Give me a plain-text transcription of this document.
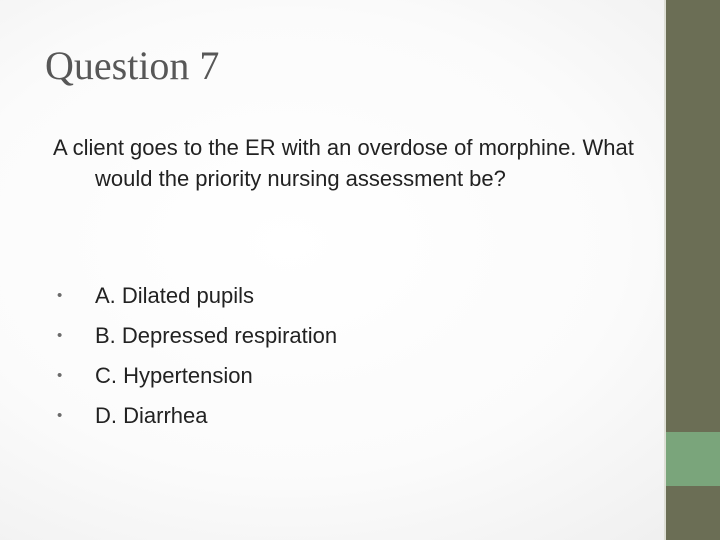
Question 7

A client goes to the ER with an overdose of morphine. What would the priority nursing assessment be?

• A. Dilated pupils
• B. Depressed respiration
• C. Hypertension
• D. Diarrhea
